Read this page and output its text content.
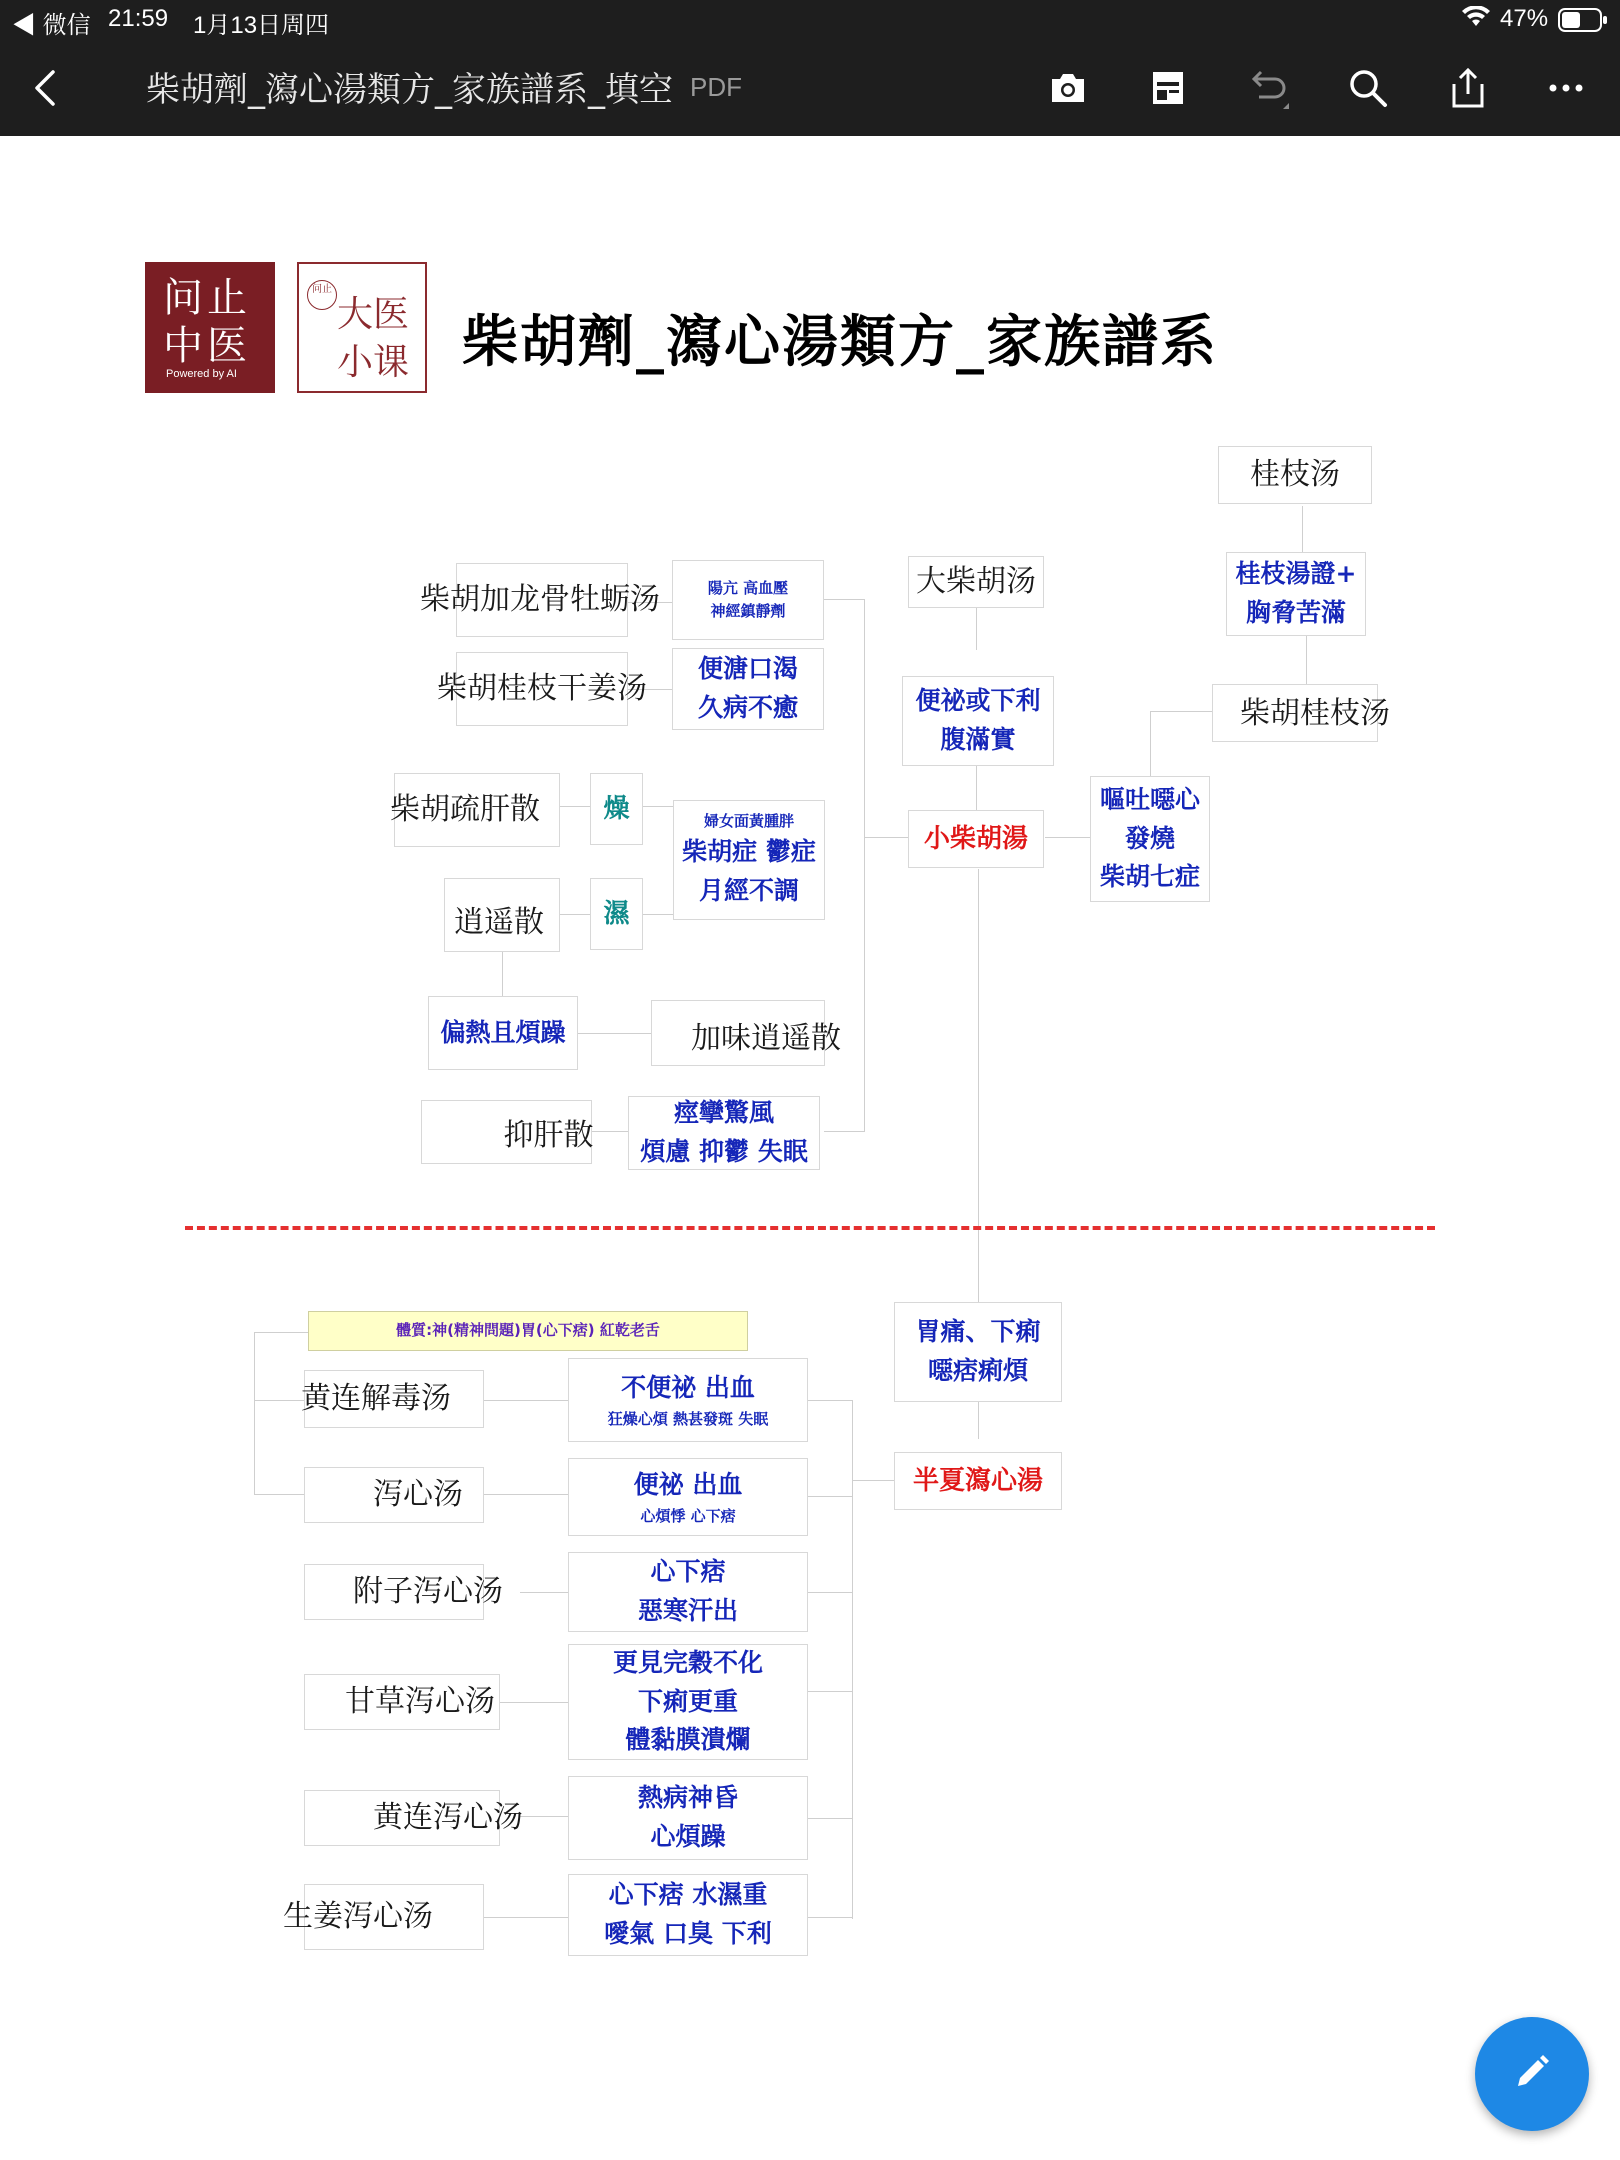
◀ 微信 21:59 1月13日周四	47%
柴胡劑_瀉心湯類方_家族譜系_填空 PDF
问止
中医
Powered by AI
问止
大医
小课 柴胡劑_瀉心湯類方_家族譜系
桂枝汤
桂枝湯證+
胸脅苦滿
柴胡桂枝汤
大柴胡汤
便祕或下利
腹滿實
小柴胡湯
嘔吐噁心
發燒
柴胡七症
柴胡加龙骨牡蛎汤	陽亢 高血壓
神經鎮靜劑
柴胡桂枝干姜汤
便溏口渴
久病不癒
柴胡疏肝散 燥
逍遥散 濕
婦女面黃腫胖
柴胡症 鬱症
月經不調
偏熱且煩躁	加味逍遥散
抑肝散
痙攣驚風
煩慮 抑鬱 失眠
體質:神(精神問題)胃(心下痞) 紅乾老舌	胃痛、下痢
噁痞痢煩
半夏瀉心湯
黄连解毒汤	不便祕 出血
狂燥心煩 熱甚發斑 失眠
泻心汤	便祕 出血
心煩悸 心下痞
附子泻心汤
心下痞
惡寒汗出
甘草泻心汤
更見完穀不化
下痢更重
體黏膜潰爛
黄连泻心汤
熱病神昏
心煩躁
生姜泻心汤
心下痞 水濕重
噯氣 口臭 下利
